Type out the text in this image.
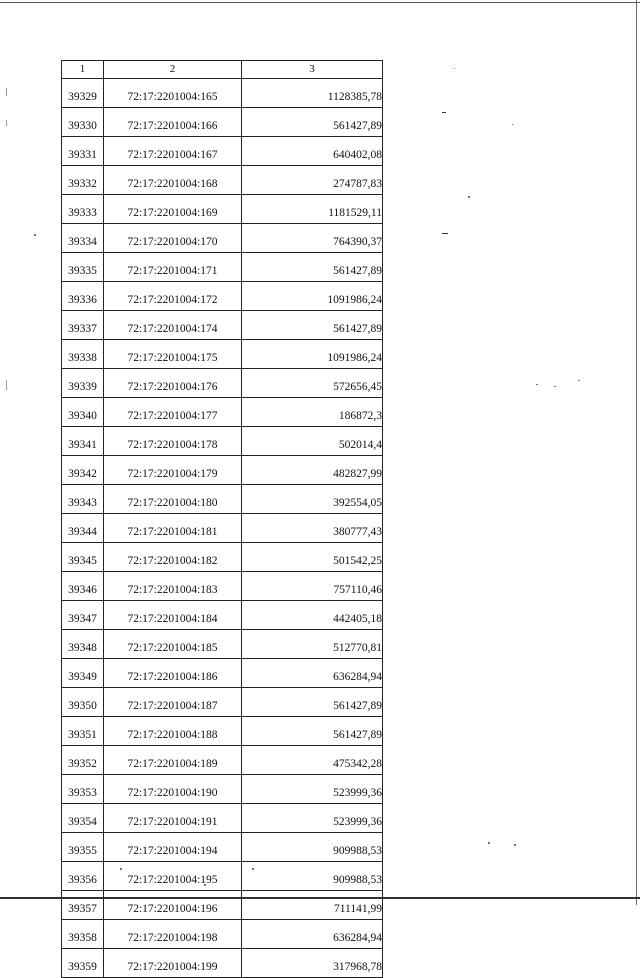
1	2	3
39329	72:17:2201004:165	1128385,78
39330	72:17:2201004:166	561427,89
39331	72:17:2201004:167	640402,08
39332	72:17:2201004:168	274787,83
39333	72:17:2201004:169	1181529,11
39334	72:17:2201004:170	764390,37
39335	72:17:2201004:171	561427,89
39336	72:17:2201004:172	1091986,24
39337	72:17:2201004:174	561427,89
39338	72:17:2201004:175	1091986,24
39339	72:17:2201004:176	572656,45
39340	72:17:2201004:177	186872,3
39341	72:17:2201004:178	502014,4
39342	72:17:2201004:179	482827,99
39343	72:17:2201004:180	392554,05
39344	72:17:2201004:181	380777,43
39345	72:17:2201004:182	501542,25
39346	72:17:2201004:183	757110,46
39347	72:17:2201004:184	442405,18
39348	72:17:2201004:185	512770,81
39349	72:17:2201004:186	636284,94
39350	72:17:2201004:187	561427,89
39351	72:17:2201004:188	561427,89
39352	72:17:2201004:189	475342,28
39353	72:17:2201004:190	523999,36
39354	72:17:2201004:191	523999,36
39355	72:17:2201004:194	909988,53
39356	72:17:2201004:195	909988,53
39357	72:17:2201004:196	711141,99
39358	72:17:2201004:198	636284,94
39359	72:17:2201004:199	317968,78
